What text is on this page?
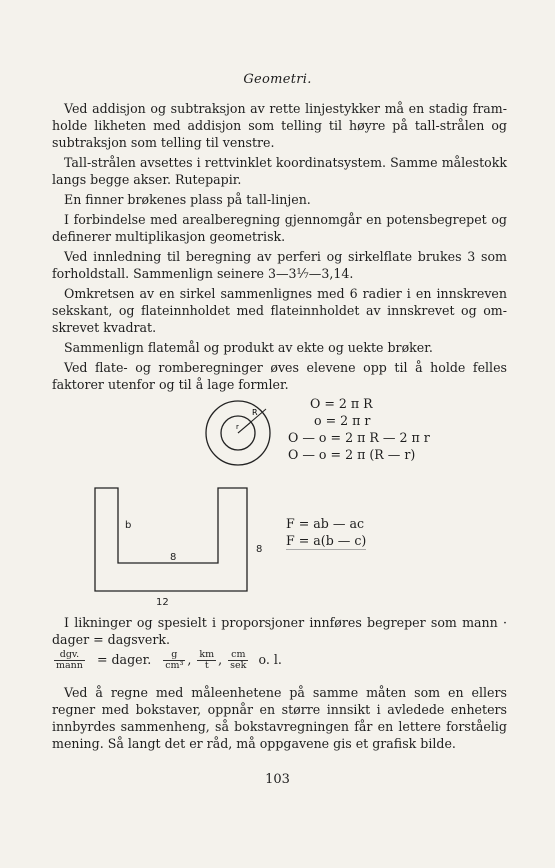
Geometri.

Ved addisjon og subtraksjon av rette linjestykker må en stadig fram-holde likheten med addisjon som telling til høyre på tall-strålen og subtraksjon som telling til venstre.

Tall-strålen avsettes i rettvinklet koordinatsystem. Samme målestokk langs begge akser. Rutepapir.

En finner brøkenes plass på tall-linjen.

I forbindelse med arealberegning gjennomgår en potensbegrepet og definerer multiplikasjon geometrisk.

Ved innledning til beregning av perferi og sirkelflate brukes 3 som forholdstall. Sammenlign seinere 3—3⅐—3,14.

Omkretsen av en sirkel sammenlignes med 6 radier i en innskreven sekskant, og flateinnholdet med flateinnholdet av innskrevet og om-skrevet kvadrat.

Sammenlign flatemål og produkt av ekte og uekte brøker.

Ved flate- og romberegninger øves elevene opp til å holde felles faktorer utenfor og til å lage formler.

R
r
O = 2 π R
o = 2 π r
O — o = 2 π R — 2 π r
O — o = 2 π (R — r)
b
8
8
12
F = ab — ac
F = a(b — c)

I likninger og spesielt i proporsjoner innføres begreper som mann · dager = dagsverk.

$\frac{\text{dgv.}}{\text{mann}}$ = dager. $\frac{g}{\text{cm³}}$ , $\frac{km}{t}$ , $\frac{cm}{\text{sek}} o$. l.

Ved å regne med måleenhetene på samme måten som en ellers regner med bokstaver, oppnår en større innsikt i avledede enheters innbyrdes sammenheng, så bokstavregningen får en lettere forståelig mening. Så langt det er råd, må oppgavene gis et grafisk bilde.

103
